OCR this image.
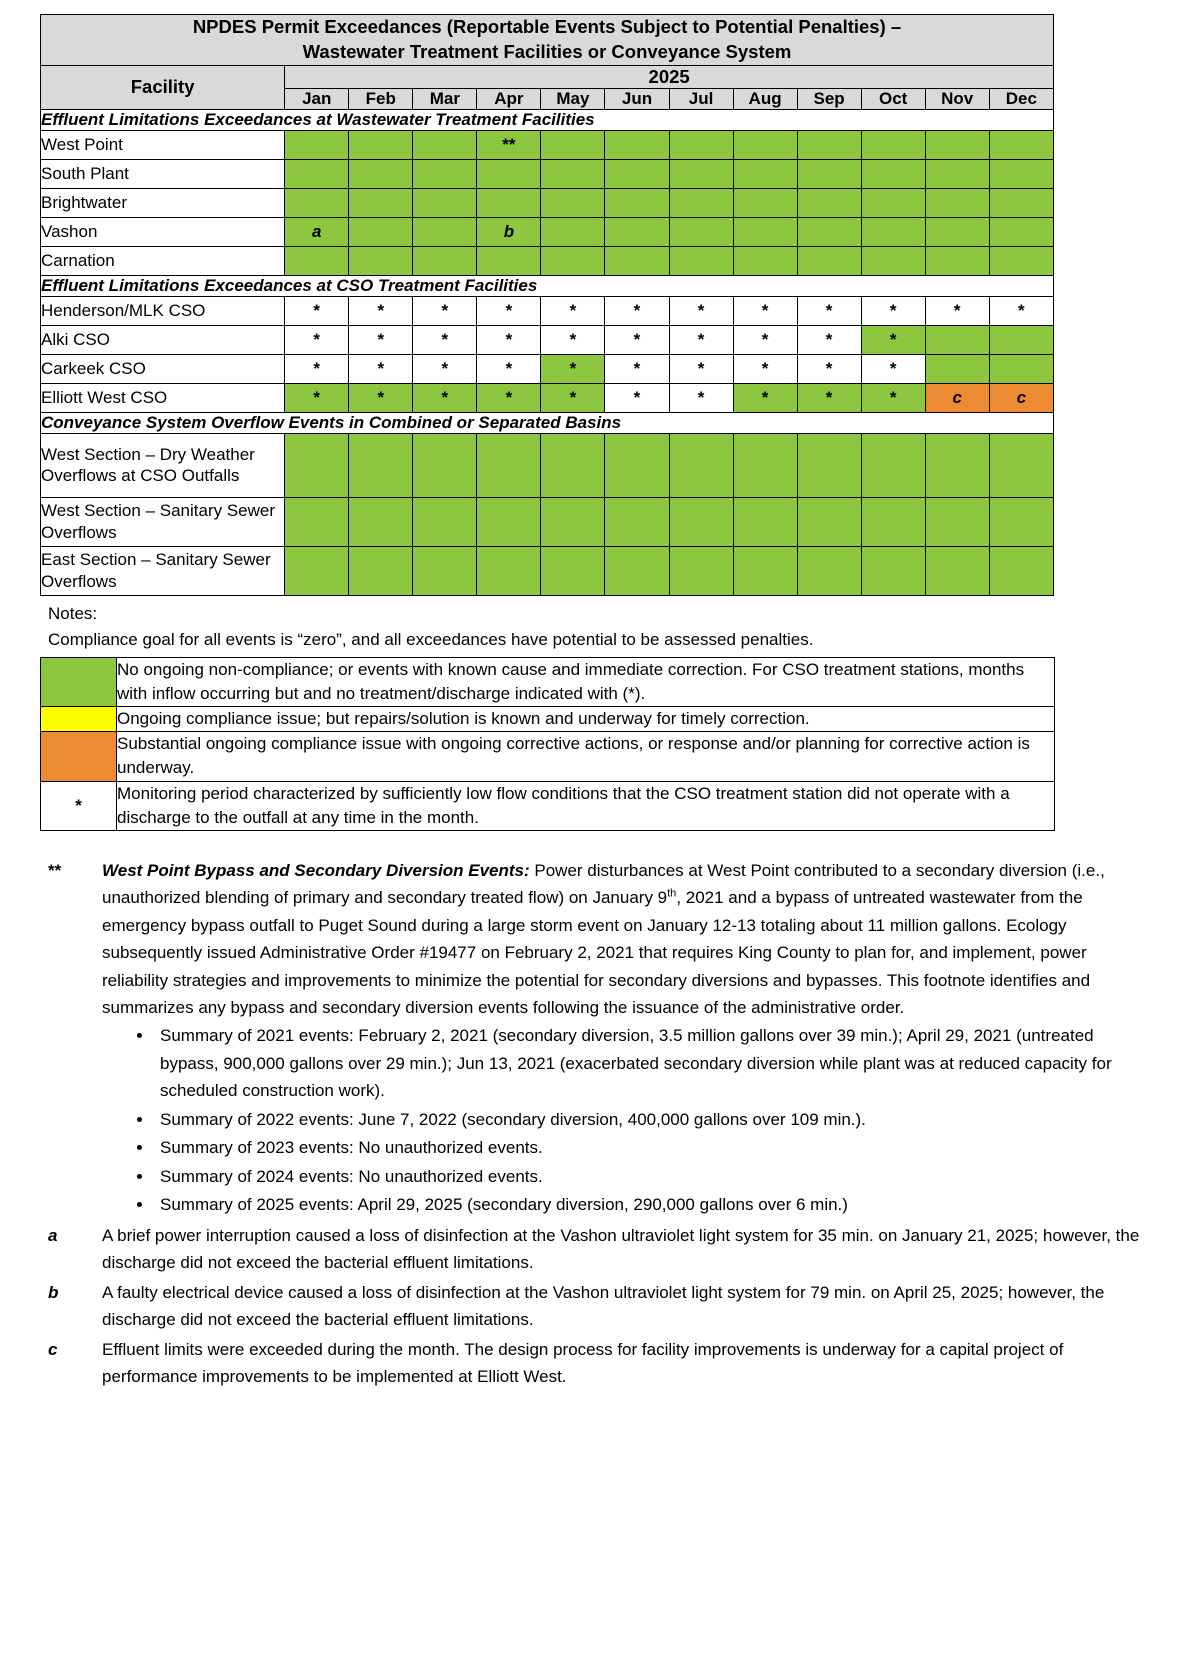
NPDES Permit Exceedances (Reportable Events Subject to Potential Penalties) –
Wastewater Treatment Facilities or Conveyance System												
Facility	2025											
	Jan	Feb	Mar	Apr	May	Jun	Jul	Aug	Sep	Oct	Nov	Dec
Effluent Limitations Exceedances at Wastewater Treatment Facilities												
West Point				**								
South Plant												
Brightwater												
Vashon	a			b								
Carnation												
Effluent Limitations Exceedances at CSO Treatment Facilities												
Henderson/MLK CSO	*	*	*	*	*	*	*	*	*	*	*	*
Alki CSO	*	*	*	*	*	*	*	*	*	*		
Carkeek CSO	*	*	*	*	*	*	*	*	*	*		
Elliott West CSO	*	*	*	*	*	*	*	*	*	*	c	c
Conveyance System Overflow Events in Combined or Separated Basins												
West Section – Dry Weather Overflows at CSO Outfalls												
West Section – Sanitary Sewer Overflows												
East Section – Sanitary Sewer Overflows												
Notes:
Compliance goal for all events is “zero”, and all exceedances have potential to be assessed penalties.
	No ongoing non-compliance; or events with known cause and immediate correction. For CSO treatment stations, months with inflow occurring but and no treatment/discharge indicated with (*).
	Ongoing compliance issue; but repairs/solution is known and underway for timely correction.
	Substantial ongoing compliance issue with ongoing corrective actions, or response and/or planning for corrective action is underway.
*	Monitoring period characterized by sufficiently low flow conditions that the CSO treatment station did not operate with a discharge to the outfall at any time in the month.
**	West Point Bypass and Secondary Diversion Events: Power disturbances at West Point contributed to a secondary diversion (i.e., unauthorized blending of primary and secondary treated flow) on January 9th, 2021 and a bypass of untreated wastewater from the emergency bypass outfall to Puget Sound during a large storm event on January 12-13 totaling about 11 million gallons. Ecology subsequently issued Administrative Order #19477 on February 2, 2021 that requires King County to plan for, and implement, power reliability strategies and improvements to minimize the potential for secondary diversions and bypasses. This footnote identifies and summarizes any bypass and secondary diversion events following the issuance of the administrative order.
• Summary of 2021 events: February 2, 2021 (secondary diversion, 3.5 million gallons over 39 min.); April 29, 2021 (untreated bypass, 900,000 gallons over 29 min.); Jun 13, 2021 (exacerbated secondary diversion while plant was at reduced capacity for scheduled construction work).
• Summary of 2022 events: June 7, 2022 (secondary diversion, 400,000 gallons over 109 min.).
• Summary of 2023 events: No unauthorized events.
• Summary of 2024 events: No unauthorized events.
• Summary of 2025 events: April 29, 2025 (secondary diversion, 290,000 gallons over 6 min.)
a	A brief power interruption caused a loss of disinfection at the Vashon ultraviolet light system for 35 min. on January 21, 2025; however, the discharge did not exceed the bacterial effluent limitations.
b	A faulty electrical device caused a loss of disinfection at the Vashon ultraviolet light system for 79 min. on April 25, 2025; however, the discharge did not exceed the bacterial effluent limitations.
c	Effluent limits were exceeded during the month. The design process for facility improvements is underway for a capital project of performance improvements to be implemented at Elliott West.
